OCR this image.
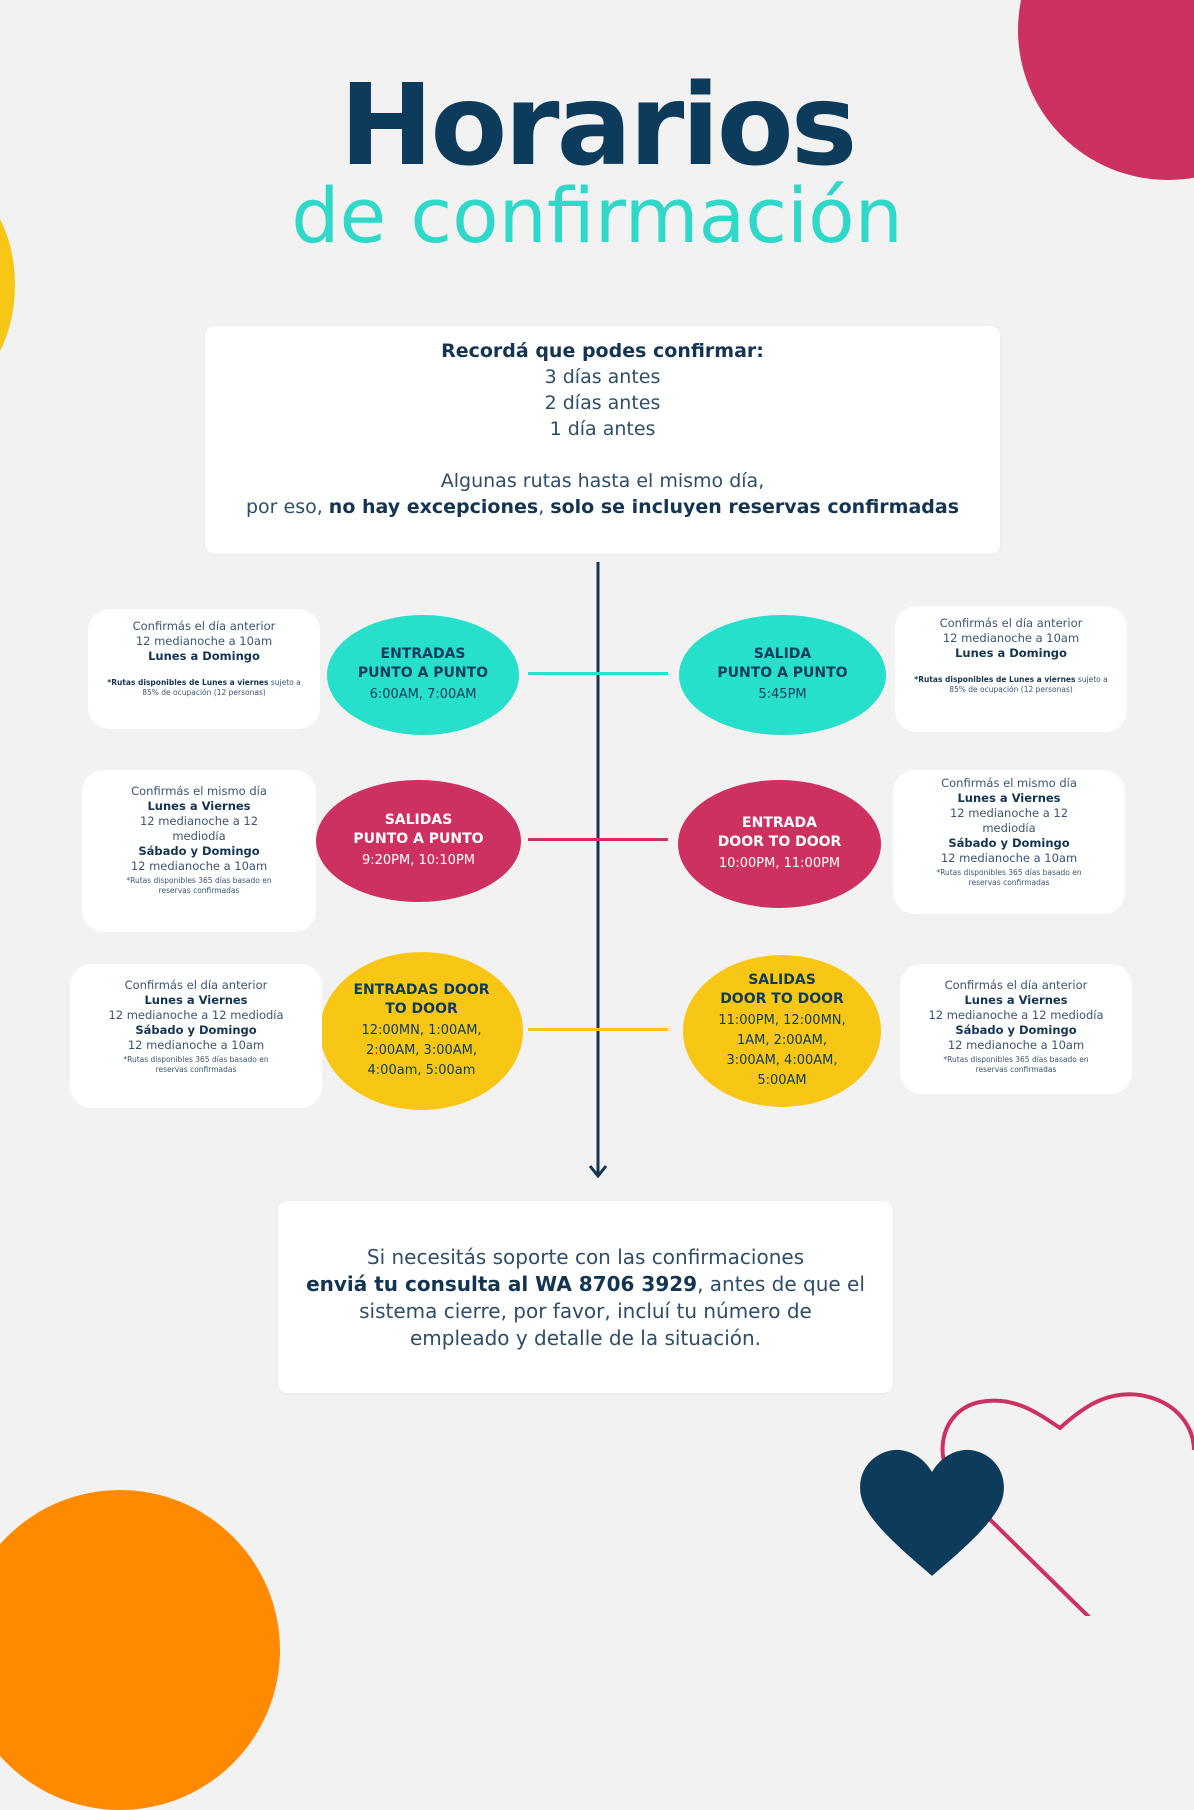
Horarios
de confirmación
Recordá que podes confirmar:
3 días antes
2 días antes
1 día antes
Algunas rutas hasta el mismo día,
por eso, no hay excepciones, solo se incluyen reservas confirmadas
ENTRADAS
PUNTO A PUNTO
6:00AM, 7:00AM
SALIDA
PUNTO A PUNTO
5:45PM
SALIDAS
PUNTO A PUNTO
9:20PM, 10:10PM
ENTRADA
DOOR TO DOOR
10:00PM, 11:00PM
ENTRADAS DOOR
TO DOOR
12:00MN, 1:00AM,
2:00AM, 3:00AM,
4:00am, 5:00am
SALIDAS
DOOR TO DOOR
11:00PM, 12:00MN,
1AM, 2:00AM,
3:00AM, 4:00AM,
5:00AM
Confirmás el día anterior
12 medianoche a 10am
Lunes a Domingo
*Rutas disponibles de Lunes a viernes sujeto a 85% de ocupación (12 personas)
Confirmás el día anterior
12 medianoche a 10am
Lunes a Domingo
*Rutas disponibles de Lunes a viernes sujeto a 85% de ocupación (12 personas)
Confirmás el mismo día
Lunes a Viernes
12 medianoche a 12
mediodía
Sábado y Domingo
12 medianoche a 10am
*Rutas disponibles 365 días basado en reservas confirmadas
Confirmás el mismo día
Lunes a Viernes
12 medianoche a 12
mediodía
Sábado y Domingo
12 medianoche a 10am
*Rutas disponibles 365 días basado en reservas confirmadas
Confirmás el día anterior
Lunes a Viernes
12 medianoche a 12 mediodía
Sábado y Domingo
12 medianoche a 10am
*Rutas disponibles 365 días basado en reservas confirmadas
Confirmás el día anterior
Lunes a Viernes
12 medianoche a 12 mediodía
Sábado y Domingo
12 medianoche a 10am
*Rutas disponibles 365 días basado en reservas confirmadas
Si necesitás soporte con las confirmaciones
enviá tu consulta al WA 8706 3929, antes de que el
sistema cierre, por favor, incluí tu número de
empleado y detalle de la situación.
